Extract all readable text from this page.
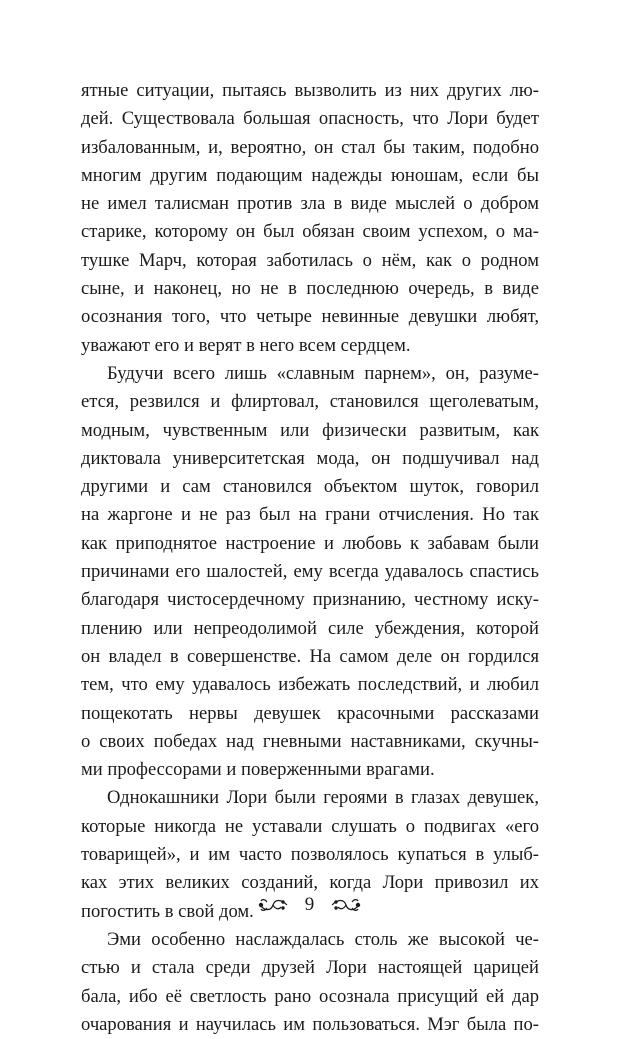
ятные ситуации, пытаясь вызволить из них других лю-
дей. Существовала большая опасность, что Лори будет
избалованным, и, вероятно, он стал бы таким, подобно
многим другим подающим надежды юношам, если бы
не имел талисман против зла в виде мыслей о добром
старике, которому он был обязан своим успехом, о ма-
тушке Марч, которая заботилась о нём, как о родном
сыне, и наконец, но не в последнюю очередь, в виде
осознания того, что четыре невинные девушки любят,
уважают его и верят в него всем сердцем.
Будучи всего лишь «славным парнем», он, разуме-
ется, резвился и флиртовал, становился щеголеватым,
модным, чувственным или физически развитым, как
диктовала университетская мода, он подшучивал над
другими и сам становился объектом шуток, говорил
на жаргоне и не раз был на грани отчисления. Но так
как приподнятое настроение и любовь к забавам были
причинами его шалостей, ему всегда удавалось спастись
благодаря чистосердечному признанию, честному иску-
плению или непреодолимой силе убеждения, которой
он владел в совершенстве. На самом деле он гордился
тем, что ему удавалось избежать последствий, и любил
пощекотать нервы девушек красочными рассказами
о своих победах над гневными наставниками, скучны-
ми профессорами и поверженными врагами.
Однокашники Лори были героями в глазах девушек,
которые никогда не уставали слушать о подвигах «его
товарищей», и им часто позволялось купаться в улыб-
ках этих великих созданий, когда Лори привозил их
погостить в свой дом.
Эми особенно наслаждалась столь же высокой че-
стью и стала среди друзей Лори настоящей царицей
бала, ибо её светлость рано осознала присущий ей дар
очарования и научилась им пользоваться. Мэг была по-
9
